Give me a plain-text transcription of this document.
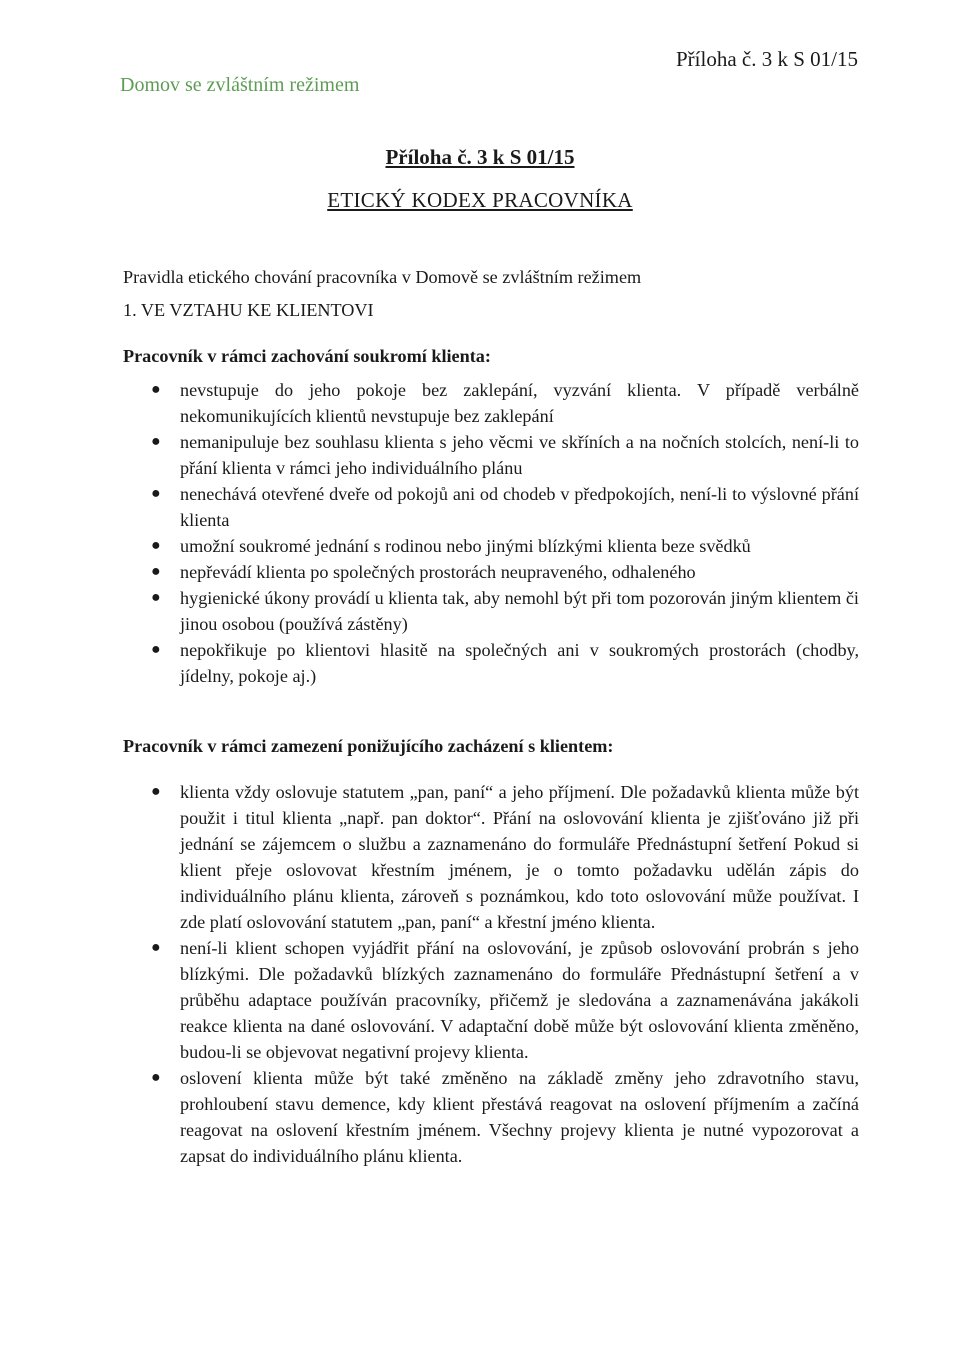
Domov se zvláštním režimem
Příloha č. 3 k S 01/15
Příloha č. 3 k S 01/15
ETICKÝ KODEX PRACOVNÍKA

Pravidla etického chování pracovníka v Domově se zvláštním režimem

1. VE VZTAHU KE KLIENTOVI

Pracovník v rámci zachování soukromí klienta:

● nevstupuje do jeho pokoje bez zaklepání, vyzvání klienta. V případě verbálně nekomunikujících klientů nevstupuje bez zaklepání
● nemanipuluje bez souhlasu klienta s jeho věcmi ve skříních a na nočních stolcích, není-li to přání klienta v rámci jeho individuálního plánu
● nenechává otevřené dveře od pokojů ani od chodeb v předpokojích, není-li to výslovné přání klienta
● umožní soukromé jednání s rodinou nebo jinými blízkými klienta beze svědků
● nepřevádí klienta po společných prostorách neupraveného, odhaleného
● hygienické úkony provádí u klienta tak, aby nemohl být při tom pozorován jiným klientem či jinou osobou (používá zástěny)
● nepokřikuje po klientovi hlasitě na společných ani v soukromých prostorách (chodby, jídelny, pokoje aj.)

Pracovník v rámci zamezení ponižujícího zacházení s klientem:

● klienta vždy oslovuje statutem „pan, paní“ a jeho příjmení. Dle požadavků klienta může být použit i titul klienta „např. pan doktor“. Přání na oslovování klienta je zjišťováno již při jednání se zájemcem o službu a zaznamenáno do formuláře Přednástupní šetření Pokud si klient přeje oslovovat křestním jménem, je o tomto požadavku udělán zápis do individuálního plánu klienta, zároveň s poznámkou, kdo toto oslovování může používat. I zde platí oslovování statutem „pan, paní“ a křestní jméno klienta.
● není-li klient schopen vyjádřit přání na oslovování, je způsob oslovování probrán s jeho blízkými. Dle požadavků blízkých zaznamenáno do formuláře Přednástupní šetření a v průběhu adaptace používán pracovníky, přičemž je sledována a zaznamenávána jakákoli reakce klienta na dané oslovování. V adaptační době může být oslovování klienta změněno, budou-li se objevovat negativní projevy klienta.
● oslovení klienta může být také změněno na základě změny jeho zdravotního stavu, prohloubení stavu demence, kdy klient přestává reagovat na oslovení příjmením a začíná reagovat na oslovení křestním jménem. Všechny projevy klienta je nutné vypozorovat a zapsat do individuálního plánu klienta.
